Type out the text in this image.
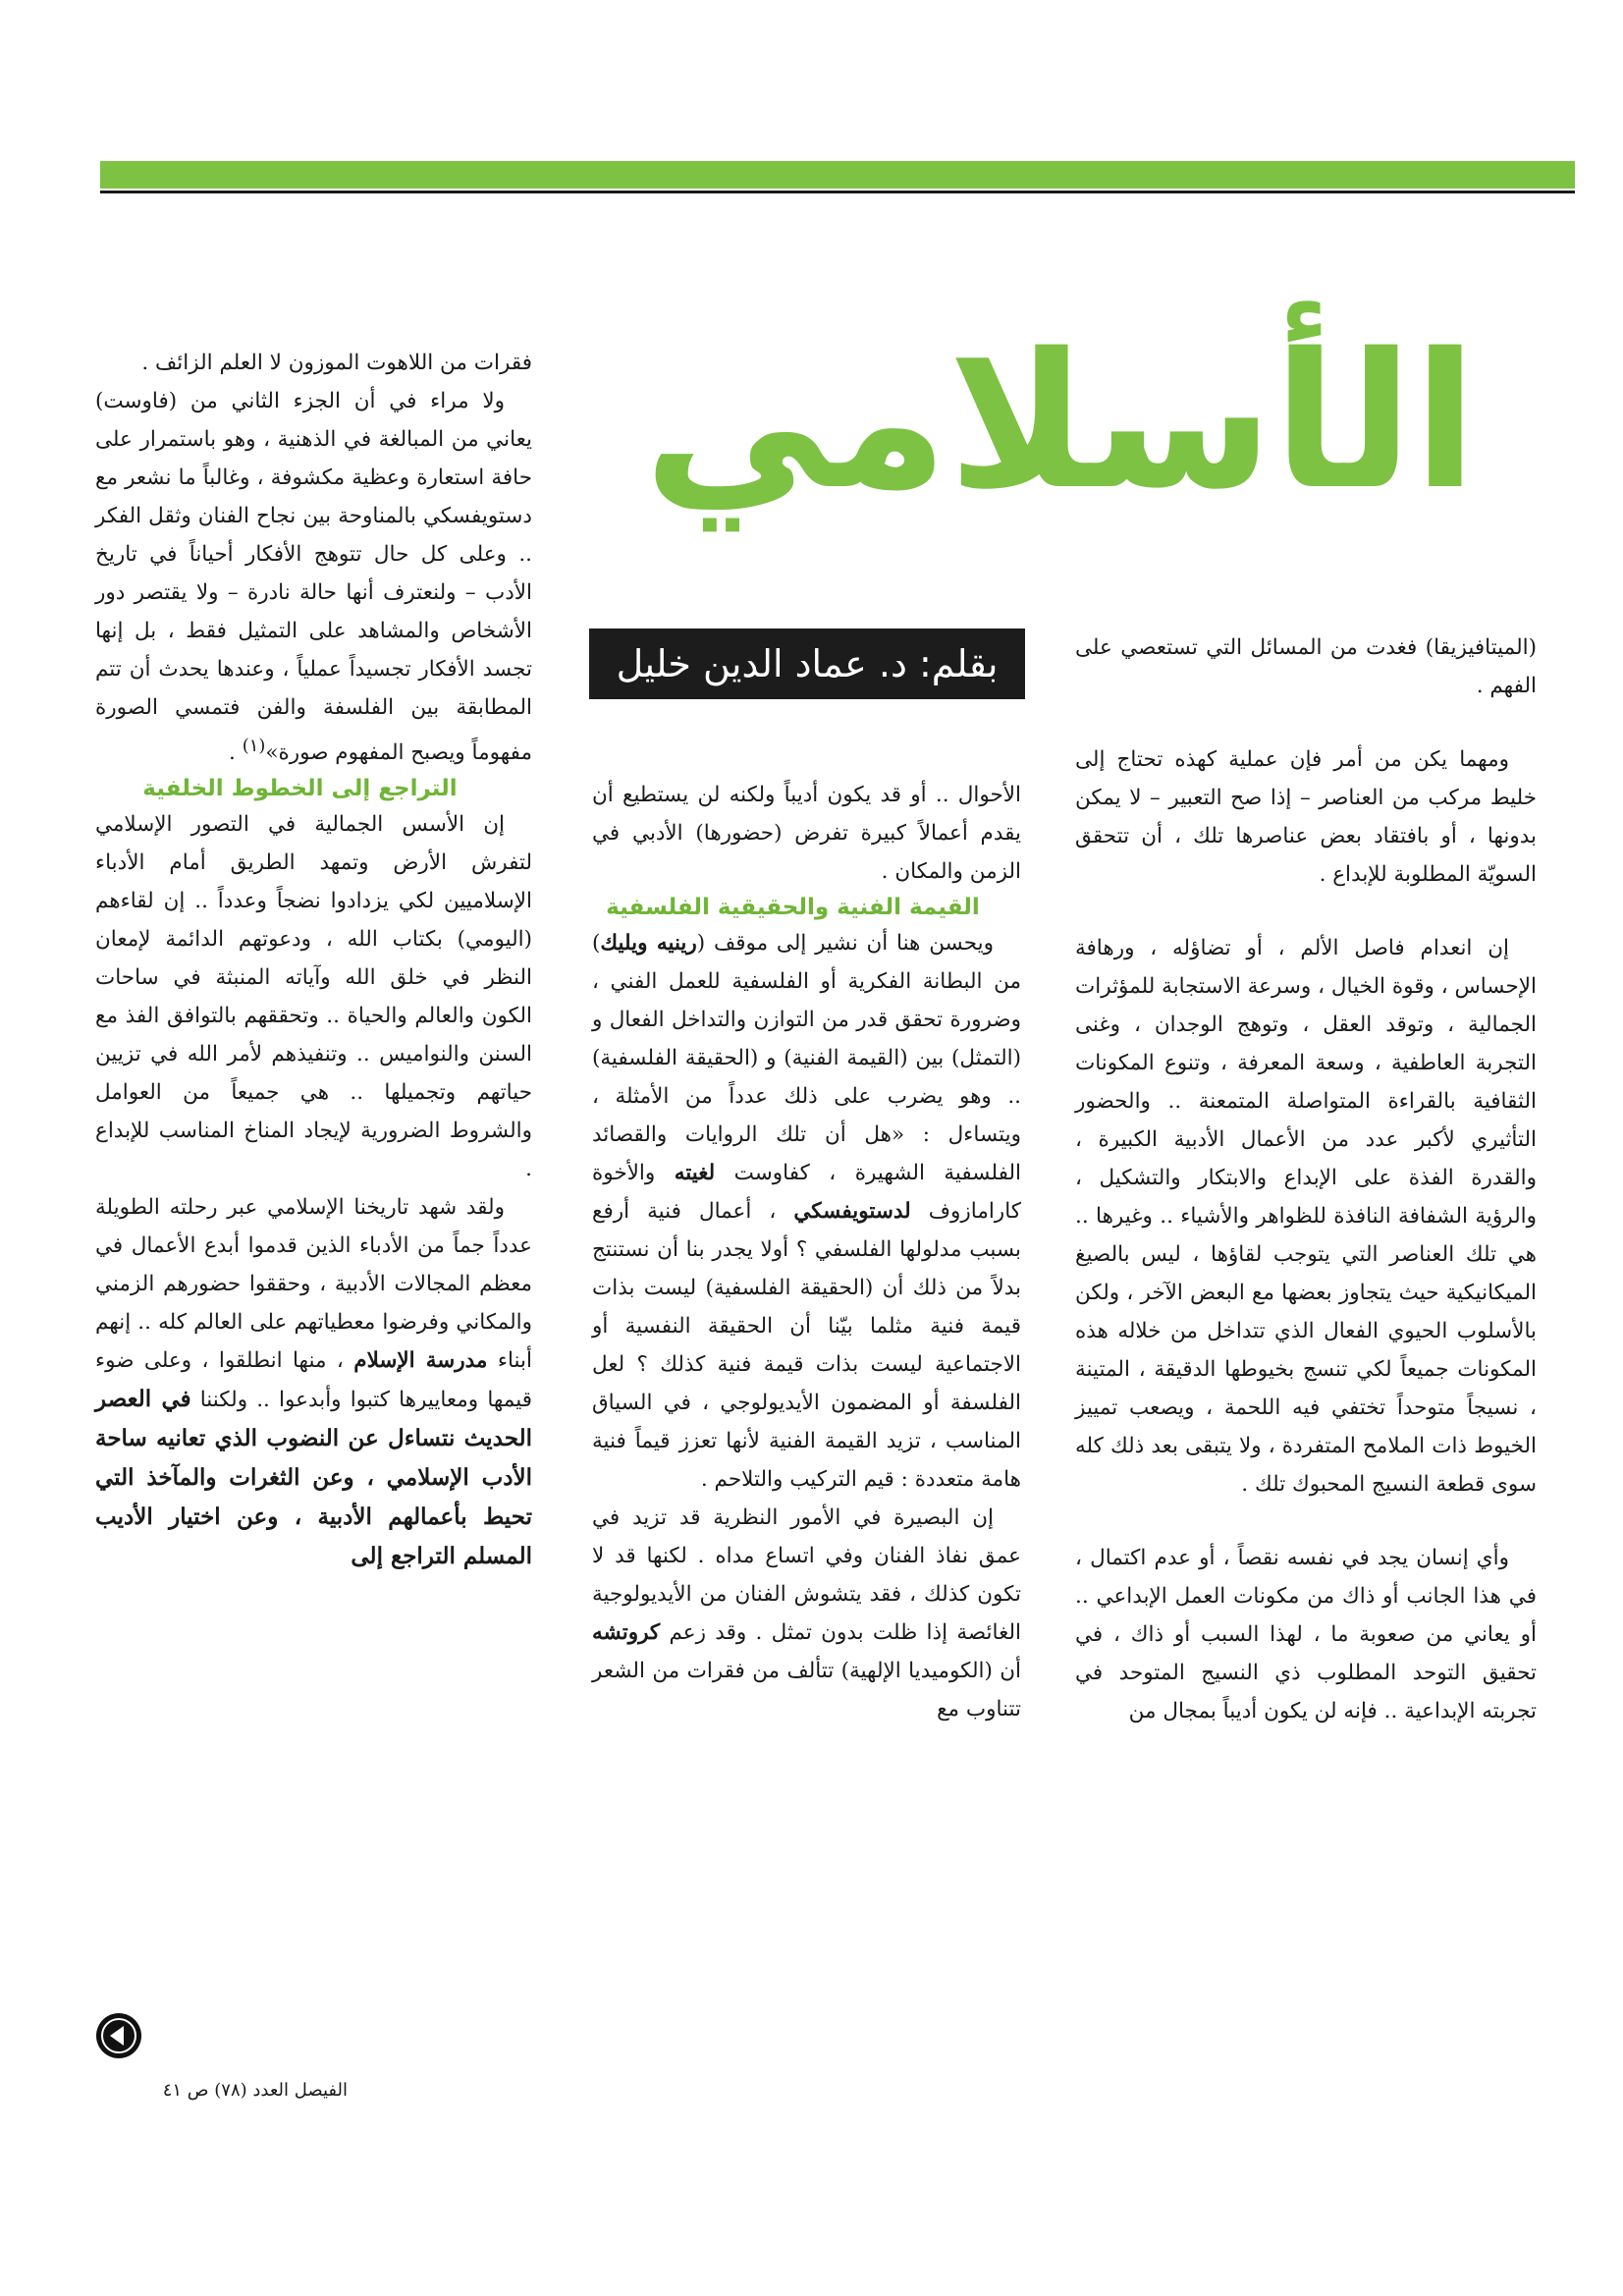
الأسلامي
بقلم: د. عماد الدين خليل	(الميتافيزيقا) فغدت من المسائل التي تستعصي على الفهم .

ومهما يكن من أمر فإن عملية كهذه تحتاج إلى خليط مركب من العناصر – إذا صح التعبير – لا يمكن بدونها ، أو بافتقاد بعض عناصرها تلك ، أن تتحقق السويّة المطلوبة للإبداع .

إن انعدام فاصل الألم ، أو تضاؤله ، ورهافة الإحساس ، وقوة الخيال ، وسرعة الاستجابة للمؤثرات الجمالية ، وتوقد العقل ، وتوهج الوجدان ، وغنى التجربة العاطفية ، وسعة المعرفة ، وتنوع المكونات الثقافية بالقراءة المتواصلة المتمعنة .. والحضور التأثيري لأكبر عدد من الأعمال الأدبية الكبيرة ، والقدرة الفذة على الإبداع والابتكار والتشكيل ، والرؤية الشفافة النافذة للظواهر والأشياء .. وغيرها .. هي تلك العناصر التي يتوجب لقاؤها ، ليس بالصيغ الميكانيكية حيث يتجاوز بعضها مع البعض الآخر ، ولكن بالأسلوب الحيوي الفعال الذي تتداخل من خلاله هذه المكونات جميعاً لكي تنسج بخيوطها الدقيقة ، المتينة ، نسيجاً متوحداً تختفي فيه اللحمة ، ويصعب تمييز الخيوط ذات الملامح المتفردة ، ولا يتبقى بعد ذلك كله سوى قطعة النسيج المحبوك تلك .

وأي إنسان يجد في نفسه نقصاً ، أو عدم اكتمال ، في هذا الجانب أو ذاك من مكونات العمل الإبداعي .. أو يعاني من صعوبة ما ، لهذا السبب أو ذاك ، في تحقيق التوحد المطلوب ذي النسيج المتوحد في تجربته الإبداعية .. فإنه لن يكون أديباً بمجال من

الأحوال .. أو قد يكون أديباً ولكنه لن يستطيع أن يقدم أعمالاً كبيرة تفرض (حضورها) الأدبي في الزمن والمكان .

القيمة الفنية والحقيقية الفلسفية

ويحسن هنا أن نشير إلى موقف (رينيه ويليك) من البطانة الفكرية أو الفلسفية للعمل الفني ، وضرورة تحقق قدر من التوازن والتداخل الفعال و (التمثل) بين (القيمة الفنية) و (الحقيقة الفلسفية) .. وهو يضرب على ذلك عدداً من الأمثلة ، ويتساءل : «هل أن تلك الروايات والقصائد الفلسفية الشهيرة ، كفاوست لغيته والأخوة كارامازوف لدستويفسكي ، أعمال فنية أرفع بسبب مدلولها الفلسفي ؟ أولا يجدر بنا أن نستنتج بدلاً من ذلك أن (الحقيقة الفلسفية) ليست بذات قيمة فنية مثلما بيّنا أن الحقيقة النفسية أو الاجتماعية ليست بذات قيمة فنية كذلك ؟ لعل الفلسفة أو المضمون الأيديولوجي ، في السياق المناسب ، تزيد القيمة الفنية لأنها تعزز قيماً فنية هامة متعددة : قيم التركيب والتلاحم .

إن البصيرة في الأمور النظرية قد تزيد في عمق نفاذ الفنان وفي اتساع مداه . لكنها قد لا تكون كذلك ، فقد يتشوش الفنان من الأيديولوجية الغائصة إذا ظلت بدون تمثل . وقد زعم كروتشه أن (الكوميديا الإلهية) تتألف من فقرات من الشعر تتناوب مع

فقرات من اللاهوت الموزون لا العلم الزائف .

ولا مراء في أن الجزء الثاني من (فاوست) يعاني من المبالغة في الذهنية ، وهو باستمرار على حافة استعارة وعظية مكشوفة ، وغالباً ما نشعر مع دستويفسكي بالمناوحة بين نجاح الفنان وثقل الفكر .. وعلى كل حال تتوهج الأفكار أحياناً في تاريخ الأدب – ولنعترف أنها حالة نادرة – ولا يقتصر دور الأشخاص والمشاهد على التمثيل فقط ، بل إنها تجسد الأفكار تجسيداً عملياً ، وعندها يحدث أن تتم المطابقة بين الفلسفة والفن فتمسي الصورة مفهوماً ويصبح المفهوم صورة»$^{(١)}$ .

التراجع إلى الخطوط الخلفية

إن الأسس الجمالية في التصور الإسلامي لتفرش الأرض وتمهد الطريق أمام الأدباء الإسلاميين لكي يزدادوا نضجاً وعدداً .. إن لقاءهم (اليومي) بكتاب الله ، ودعوتهم الدائمة لإمعان النظر في خلق الله وآياته المنبثة في ساحات الكون والعالم والحياة .. وتحققهم بالتوافق الفذ مع السنن والنواميس .. وتنفيذهم لأمر الله في تزيين حياتهم وتجميلها .. هي جميعاً من العوامل والشروط الضرورية لإيجاد المناخ المناسب للإبداع .

ولقد شهد تاريخنا الإسلامي عبر رحلته الطويلة عدداً جماً من الأدباء الذين قدموا أبدع الأعمال في معظم المجالات الأدبية ، وحققوا حضورهم الزمني والمكاني وفرضوا معطياتهم على العالم كله .. إنهم أبناء مدرسة الإسلام ، منها انطلقوا ، وعلى ضوء قيمها ومعاييرها كتبوا وأبدعوا .. ولكننا في العصر الحديث نتساءل عن النضوب الذي تعانيه ساحة الأدب الإسلامي ، وعن الثغرات والمآخذ التي تحيط بأعمالهم الأدبية ، وعن اختيار الأديب المسلم التراجع إلى

الفيصل العدد (٧٨) ص ٤١
